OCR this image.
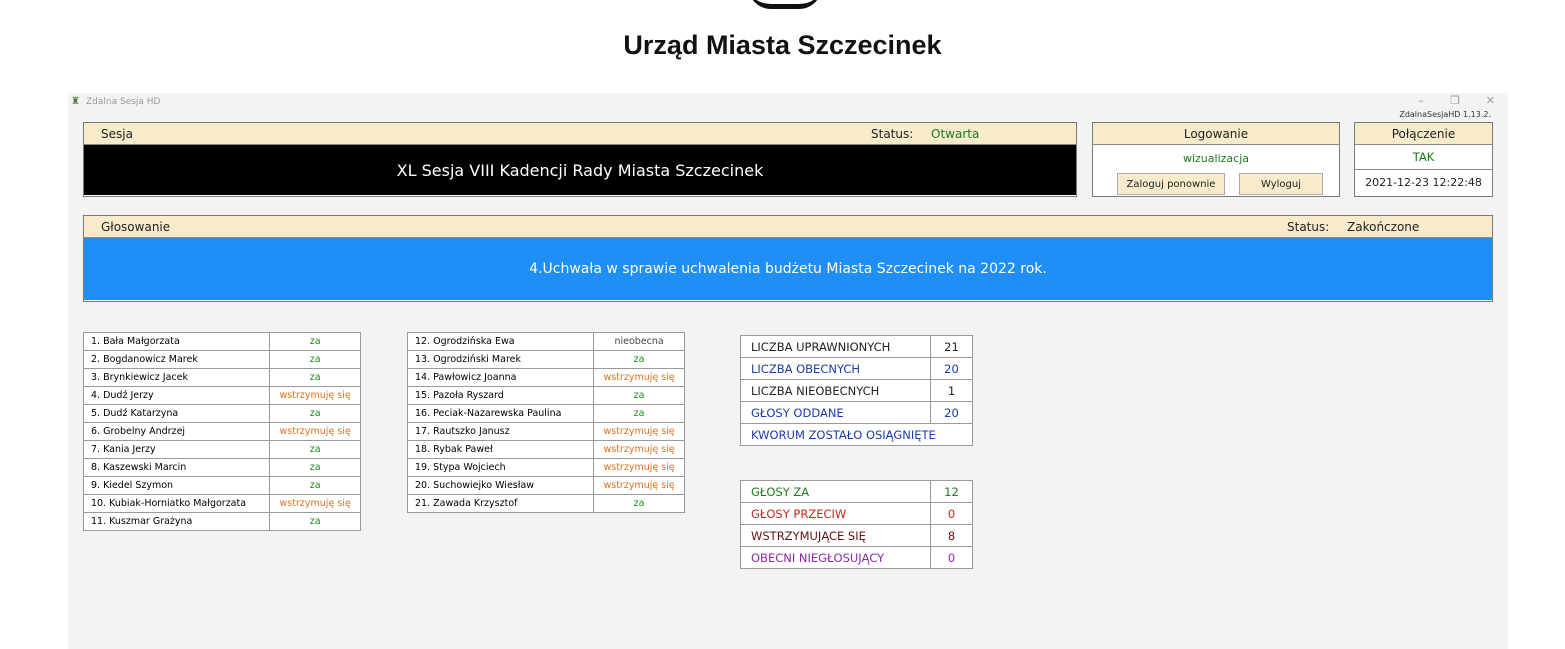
Urząd Miasta Szczecinek
♜ Zdalna Sesja HD	– ❐ ✕
ZdalnaSesjaHD 1.13.2.
Sesja	Status: Otwarta
XL Sesja VIII Kadencji Rady Miasta Szczecinek
Logowanie
wizualizacja
Zaloguj ponownie	Wyloguj
Połączenie
TAK
2021-12-23 12:22:48
Głosowanie	Status: Zakończone
4.Uchwała w sprawie uchwalenia budżetu Miasta Szczecinek na 2022 rok.
1. Bała Małgorzata	za
2. Bogdanowicz Marek	za
3. Brynkiewicz Jacek	za
4. Dudź Jerzy	wstrzymuję się
5. Dudź Katarzyna	za
6. Grobelny Andrzej	wstrzymuję się
7. Kania Jerzy	za
8. Kaszewski Marcin	za
9. Kiedel Szymon	za
10. Kubiak-Horniatko Małgorzata	wstrzymuję się
11. Kuszmar Grażyna	za
12. Ogrodzińska Ewa	nieobecna
13. Ogrodziński Marek	za
14. Pawłowicz Joanna	wstrzymuję się
15. Pazoła Ryszard	za
16. Peciak-Nazarewska Paulina	za
17. Rautszko Janusz	wstrzymuję się
18. Rybak Paweł	wstrzymuję się
19. Stypa Wojciech	wstrzymuję się
20. Suchowiejko Wiesław	wstrzymuję się
21. Zawada Krzysztof	za
LICZBA UPRAWNIONYCH	21
LICZBA OBECNYCH	20
LICZBA NIEOBECNYCH	1
GŁOSY ODDANE	20
KWORUM ZOSTAŁO OSIĄGNIĘTE	
GŁOSY ZA	12
GŁOSY PRZECIW	0
WSTRZYMUJĄCE SIĘ	8
OBECNI NIEGŁOSUJĄCY	0
